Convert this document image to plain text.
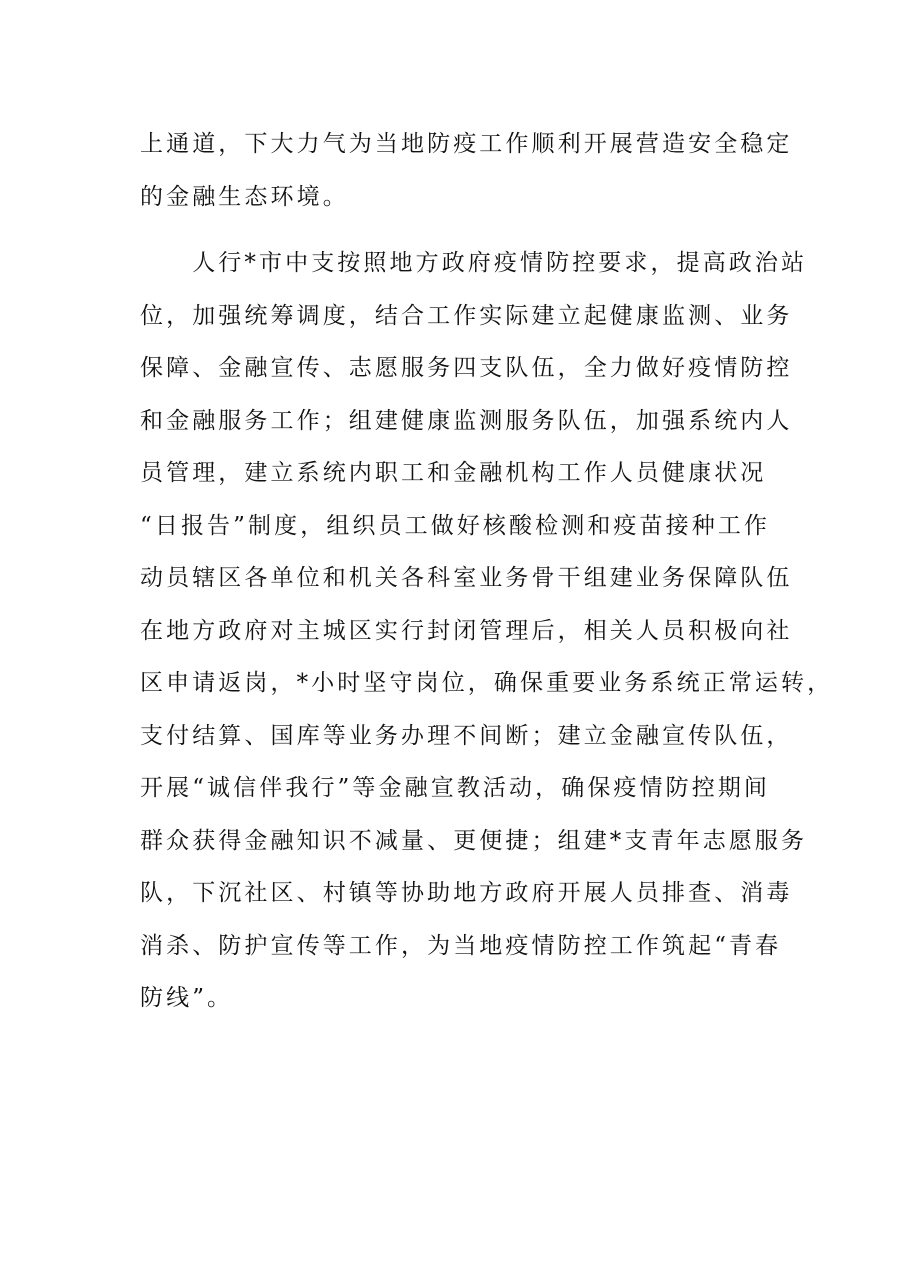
上通道，下大力气为当地防疫工作顺利开展营造安全稳定
的金融生态环境。
　　人行*市中支按照地方政府疫情防控要求，提高政治站
位，加强统筹调度，结合工作实际建立起健康监测、业务
保障、金融宣传、志愿服务四支队伍，全力做好疫情防控
和金融服务工作；组建健康监测服务队伍，加强系统内人
员管理，建立系统内职工和金融机构工作人员健康状况
“日报告”制度，组织员工做好核酸检测和疫苗接种工作
动员辖区各单位和机关各科室业务骨干组建业务保障队伍
在地方政府对主城区实行封闭管理后，相关人员积极向社
区申请返岗，*小时坚守岗位，确保重要业务系统正常运转，
支付结算、国库等业务办理不间断；建立金融宣传队伍，
开展“诚信伴我行”等金融宣教活动，确保疫情防控期间
群众获得金融知识不减量、更便捷；组建*支青年志愿服务
队，下沉社区、村镇等协助地方政府开展人员排查、消毒
消杀、防护宣传等工作，为当地疫情防控工作筑起“青春
防线”。
